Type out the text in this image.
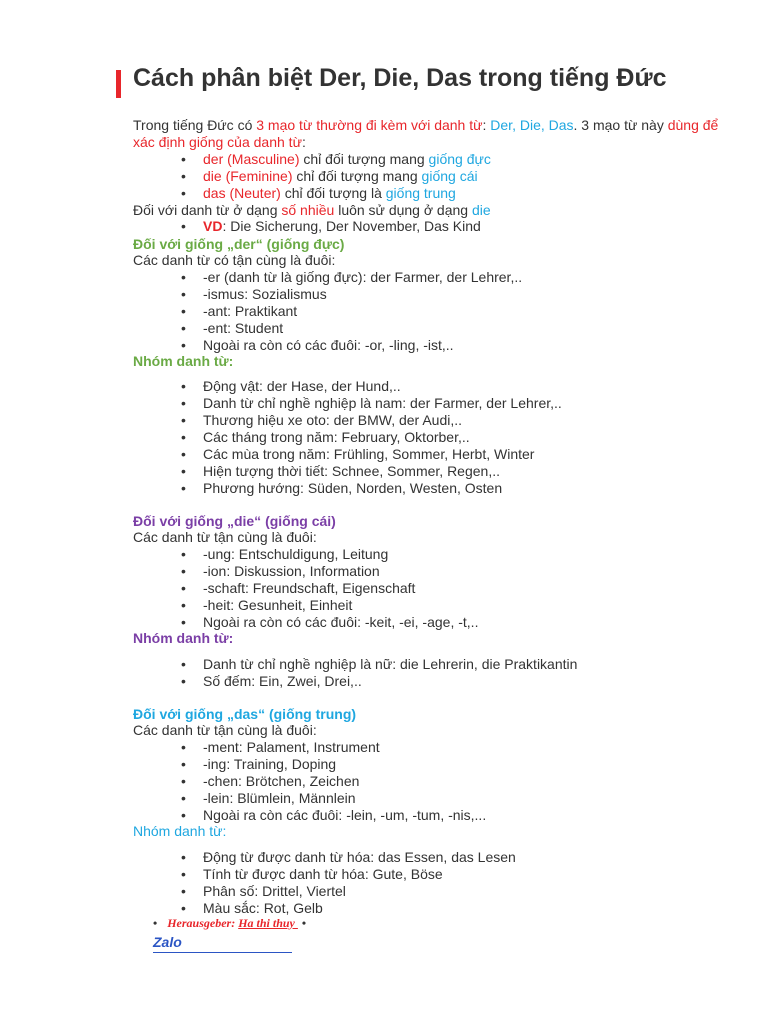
Cách phân biệt Der, Die, Das trong tiếng Đức
Trong tiếng Đức có 3 mạo từ thường đi kèm với danh từ: Der, Die, Das. 3 mạo từ này dùng để xác định giống của danh từ:
• der (Masculine) chỉ đối tượng mang giống đực
• die (Feminine) chỉ đối tượng mang giống cái
• das (Neuter) chỉ đối tượng là giống trung
Đối với danh từ ở dạng số nhiều luôn sử dụng ở dạng die
• VD: Die Sicherung, Der November, Das Kind
Đối với giống „der“ (giống đực)
Các danh từ có tận cùng là đuôi:
• -er (danh từ là giống đực): der Farmer, der Lehrer,..
• -ismus: Sozialismus
• -ant: Praktikant
• -ent: Student
• Ngoài ra còn có các đuôi: -or, -ling, -ist,..
Nhóm danh từ:
• Động vật: der Hase, der Hund,..
• Danh từ chỉ nghề nghiệp là nam: der Farmer, der Lehrer,..
• Thương hiệu xe oto: der BMW, der Audi,..
• Các tháng trong năm: February, Oktorber,..
• Các mùa trong năm: Frühling, Sommer, Herbt, Winter
• Hiện tượng thời tiết: Schnee, Sommer, Regen,..
• Phương hướng: Süden, Norden, Westen, Osten
Đối với giống „die“ (giống cái)
Các danh từ tận cùng là đuôi:
• -ung: Entschuldigung, Leitung
• -ion: Diskussion, Information
• -schaft: Freundschaft, Eigenschaft
• -heit: Gesunheit, Einheit
• Ngoài ra còn có các đuôi: -keit, -ei, -age, -t,..
Nhóm danh từ:
• Danh từ chỉ nghề nghiệp là nữ: die Lehrerin, die Praktikantin
• Số đếm: Ein, Zwei, Drei,..
Đối với giống „das“ (giống trung)
Các danh từ tận cùng là đuôi:
• -ment: Palament, Instrument
• -ing: Training, Doping
• -chen: Brötchen, Zeichen
• -lein: Blümlein, Männlein
• Ngoài ra còn các đuôi: -lein, -um, -tum, -nis,...
Nhóm danh từ:
• Động từ được danh từ hóa: das Essen, das Lesen
• Tính từ được danh từ hóa: Gute, Böse
• Phân số: Drittel, Viertel
• Màu sắc: Rot, Gelb
• Herausgeber: Ha thi thuy •
Zalo
